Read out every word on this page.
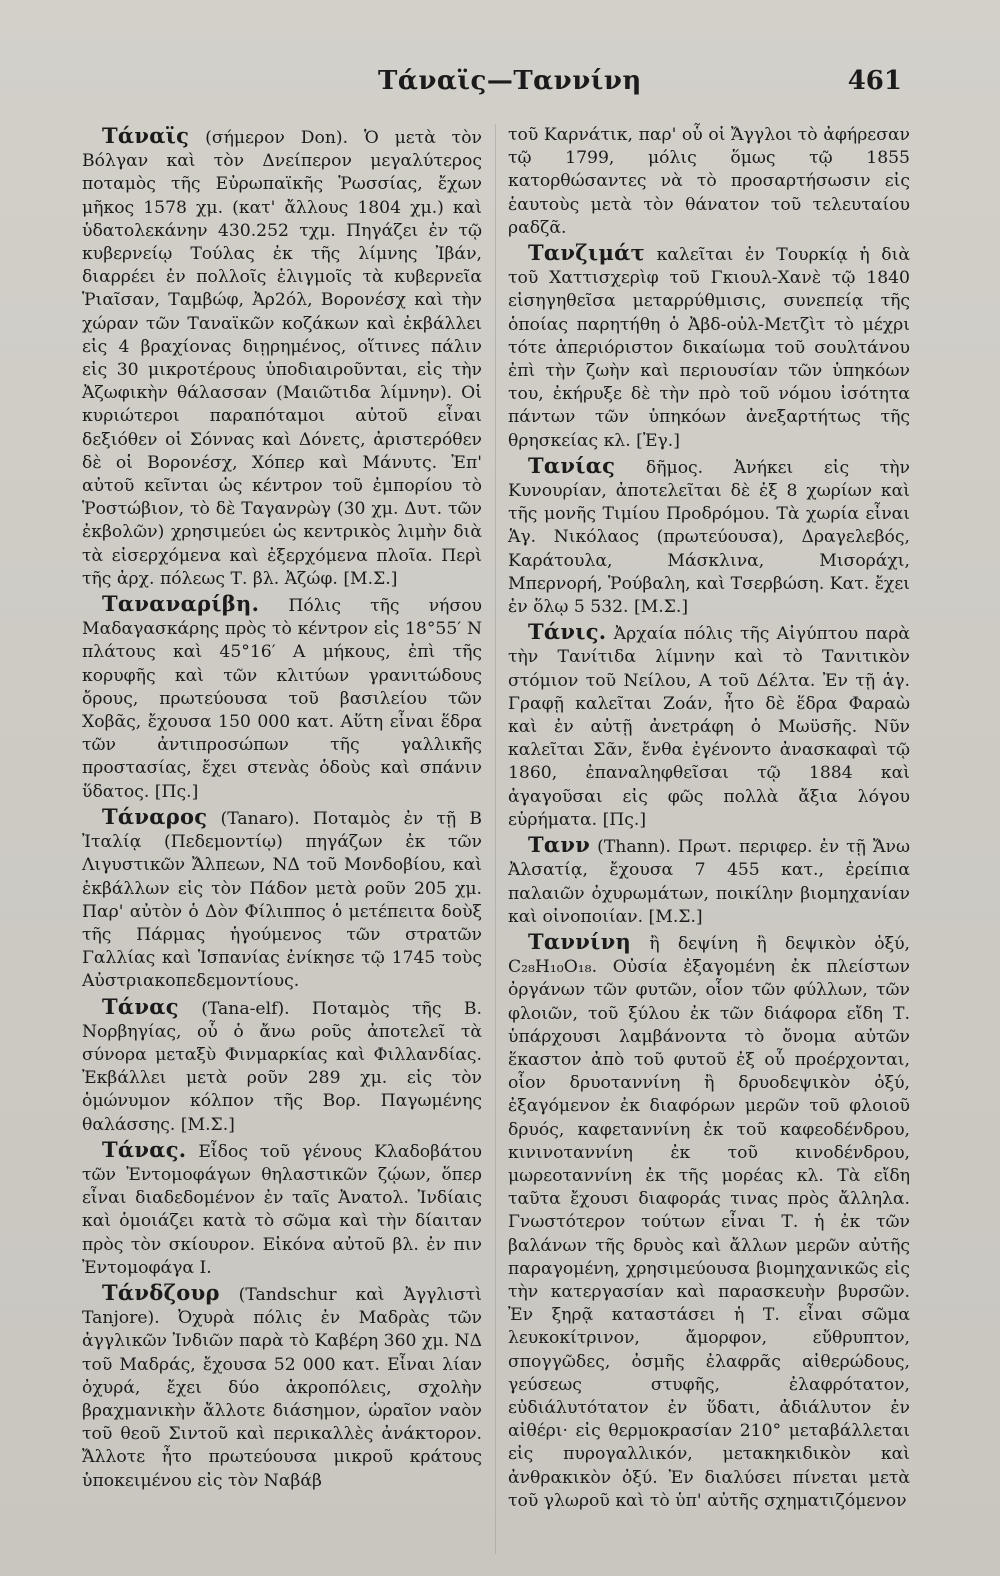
Τάναϊς—Ταννίνη	461

Τάναϊς (σήμερον Don). Ὁ μετὰ τὸν Βόλγαν καὶ τὸν Δνείπερον μεγαλύτερος ποταμὸς τῆς Εὐρωπαϊκῆς Ῥωσσίας, ἔχων μῆκος 1578 χμ. (κατ' ἄλλους 1804 χμ.) καὶ ὑδατολεκάνην 430.252 τχμ. Πηγάζει ἐν τῷ κυβερνείῳ Τούλας ἐκ τῆς λίμνης Ἰβάν, διαρρέει ἐν πολλοῖς ἑλιγμοῖς τὰ κυβερνεῖα Ῥιαῖσαν, Ταμβώφ, Ἀρ2όλ, Βορονέσχ καὶ τὴν χώραν τῶν Ταναϊκῶν κοζάκων καὶ ἐκβάλλει εἰς 4 βραχίονας διῃρημένος, οἵτινες πάλιν εἰς 30 μικροτέρους ὑποδιαιροῦνται, εἰς τὴν Ἀζωφικὴν θάλασσαν (Μαιῶτιδα λίμνην). Οἱ κυριώτεροι παραπόταμοι αὐτοῦ εἶναι δεξιόθεν οἱ Σόννας καὶ Δόνετς, ἀριστερόθεν δὲ οἱ Βορονέσχ, Χόπερ καὶ Μάνυτς. Ἐπ' αὐτοῦ κεῖνται ὡς κέντρον τοῦ ἐμπορίου τὸ Ῥοστώβιον, τὸ δὲ Ταγανρὼγ (30 χμ. Δυτ. τῶν ἐκβολῶν) χρησιμεύει ὡς κεντρικὸς λιμὴν διὰ τὰ εἰσερχόμενα καὶ ἐξερχόμενα πλοῖα. Περὶ τῆς ἀρχ. πόλεως Τ. βλ. Ἀζώφ. [Μ.Σ.]

Ταναναρίβη. Πόλις τῆς νήσου Μαδαγασκάρης πρὸς τὸ κέντρον εἰς 18°55′ Ν πλάτους καὶ 45°16′ Α μήκους, ἐπὶ τῆς κορυφῆς καὶ τῶν κλιτύων γρανιτώδους ὄρους, πρωτεύουσα τοῦ βασιλείου τῶν Χοβᾶς, ἔχουσα 150 000 κατ. Αὕτη εἶναι ἕδρα τῶν ἀντιπροσώπων τῆς γαλλικῆς προστασίας, ἔχει στενὰς ὁδοὺς καὶ σπάνιν ὕδατος. [Πς.]

Τάναρος (Tanaro). Ποταμὸς ἐν τῇ Β Ἰταλίᾳ (Πεδεμοντίῳ) πηγάζων ἐκ τῶν Λιγυστικῶν Ἄλπεων, ΝΔ τοῦ Μονδοβίου, καὶ ἐκβάλλων εἰς τὸν Πάδον μετὰ ροῦν 205 χμ. Παρ' αὐτὸν ὁ Δὸν Φίλιππος ὁ μετέπειτα δοὺξ τῆς Πάρμας ἡγούμενος τῶν στρατῶν Γαλλίας καὶ Ἱσπανίας ἐνίκησε τῷ 1745 τοὺς Αὐστριακοπεδεμοντίους.

Τάνας (Tana-elf). Ποταμὸς τῆς Β. Νορβηγίας, οὗ ὁ ἄνω ροῦς ἀποτελεῖ τὰ σύνορα μεταξὺ Φινμαρκίας καὶ Φιλλανδίας. Ἐκβάλλει μετὰ ροῦν 289 χμ. εἰς τὸν ὁμώνυμον κόλπον τῆς Βορ. Παγωμένης θαλάσσης. [Μ.Σ.]

Τάνας. Εἶδος τοῦ γένους Κλαδοβάτου τῶν Ἐντομοφάγων θηλαστικῶν ζῴων, ὅπερ εἶναι διαδεδομένον ἐν ταῖς Ἀνατολ. Ἰνδίαις καὶ ὁμοιάζει κατὰ τὸ σῶμα καὶ τὴν δίαιταν πρὸς τὸν σκίουρον. Εἰκόνα αὐτοῦ βλ. ἐν πιν Ἐντομοφάγα Ι.

Τάνδζουρ (Tandschur καὶ Ἀγγλιστὶ Tanjore). Ὀχυρὰ πόλις ἐν Μαδρὰς τῶν ἀγγλικῶν Ἰνδιῶν παρὰ τὸ Καβέρη 360 χμ. ΝΔ τοῦ Μαδράς, ἔχουσα 52 000 κατ. Εἶναι λίαν ὀχυρά, ἔχει δύο ἀκροπόλεις, σχολὴν βραχμανικὴν ἄλλοτε διάσημον, ὡραῖον ναὸν τοῦ θεοῦ Σιντοῦ καὶ περικαλλὲς ἀνάκτορον. Ἄλλοτε ἦτο πρωτεύουσα μικροῦ κράτους ὑποκειμένου εἰς τὸν Ναβάβ

τοῦ Καρνάτικ, παρ' οὗ οἱ Ἄγγλοι τὸ ἀφήρεσαν τῷ 1799, μόλις ὅμως τῷ 1855 κατορθώσαντες νὰ τὸ προσαρτήσωσιν εἰς ἑαυτοὺς μετὰ τὸν θάνατον τοῦ τελευταίου ραδζᾶ.

Τανζιμάτ καλεῖται ἐν Τουρκίᾳ ἡ διὰ τοῦ Χαττισχερὶφ τοῦ Γκιουλ-Χανὲ τῷ 1840 εἰσηγηθεῖσα μεταρρύθμισις, συνεπείᾳ τῆς ὁποίας παρητήθη ὁ Ἀβδ-οὐλ-Μετζὶτ τὸ μέχρι τότε ἀπεριόριστον δικαίωμα τοῦ σουλτάνου ἐπὶ τὴν ζωὴν καὶ περιουσίαν τῶν ὑπηκόων του, ἐκήρυξε δὲ τὴν πρὸ τοῦ νόμου ἰσότητα πάντων τῶν ὑπηκόων ἀνεξαρτήτως τῆς θρησκείας κλ. [Ἐγ.]

Τανίας δῆμος. Ἀνήκει εἰς τὴν Κυνουρίαν, ἀποτελεῖται δὲ ἐξ 8 χωρίων καὶ τῆς μονῆς Τιμίου Προδρόμου. Τὰ χωρία εἶναι Ἁγ. Νικόλαος (πρωτεύουσα), Δραγελεβός, Καράτουλα, Μάσκλινα, Μισοράχι, Μπερνορή, Ῥούβαλη, καὶ Τσερβώση. Κατ. ἔχει ἐν ὅλῳ 5 532. [Μ.Σ.]

Τάνις. Ἀρχαία πόλις τῆς Αἰγύπτου παρὰ τὴν Τανίτιδα λίμνην καὶ τὸ Τανιτικὸν στόμιον τοῦ Νείλου, Α τοῦ Δέλτα. Ἐν τῇ ἁγ. Γραφῇ καλεῖται Ζοάν, ἦτο δὲ ἕδρα Φαραὼ καὶ ἐν αὐτῇ ἀνετράφη ὁ Μωϋσῆς. Νῦν καλεῖται Σᾶν, ἔνθα ἐγένοντο ἀνασκαφαὶ τῷ 1860, ἐπαναληφθεῖσαι τῷ 1884 καὶ ἀγαγοῦσαι εἰς φῶς πολλὰ ἄξια λόγου εὑρήματα. [Πς.]

Τανν (Thann). Πρωτ. περιφερ. ἐν τῇ Ἄνω Ἀλσατίᾳ, ἔχουσα 7 455 κατ., ἐρείπια παλαιῶν ὀχυρωμάτων, ποικίλην βιομηχανίαν καὶ οἰνοποιίαν. [Μ.Σ.]

Ταννίνη ἢ δεψίνη ἢ δεψικὸν ὀξύ, C₂₈H₁₀O₁₈. Οὐσία ἐξαγομένη ἐκ πλείστων ὀργάνων τῶν φυτῶν, οἷον τῶν φύλλων, τῶν φλοιῶν, τοῦ ξύλου ἐκ τῶν διάφορα εἴδη Τ. ὑπάρχουσι λαμβάνοντα τὸ ὄνομα αὐτῶν ἕκαστον ἀπὸ τοῦ φυτοῦ ἐξ οὗ προέρχονται, οἷον δρυοταννίνη ἢ δρυοδεψικὸν ὀξύ, ἐξαγόμενον ἐκ διαφόρων μερῶν τοῦ φλοιοῦ δρυός, καφεταννίνη ἐκ τοῦ καφεοδένδρου, κινινοταννίνη ἐκ τοῦ κινοδένδρου, μωρεοταννίνη ἐκ τῆς μορέας κλ. Τὰ εἴδη ταῦτα ἔχουσι διαφοράς τινας πρὸς ἄλληλα. Γνωστότερον τούτων εἶναι Τ. ἡ ἐκ τῶν βαλάνων τῆς δρυὸς καὶ ἄλλων μερῶν αὐτῆς παραγομένη, χρησιμεύουσα βιομηχανικῶς εἰς τὴν κατεργασίαν καὶ παρασκευὴν βυρσῶν. Ἐν ξηρᾷ καταστάσει ἡ Τ. εἶναι σῶμα λευκοκίτρινον, ἄμορφον, εὔθρυπτον, σπογγῶδες, ὀσμῆς ἐλαφρᾶς αἰθερώδους, γεύσεως στυφῆς, ἐλαφρότατον, εὐδιάλυτότατον ἐν ὕδατι, ἀδιάλυτον ἐν αἰθέρι· εἰς θερμοκρασίαν 210° μεταβάλλεται εἰς πυρογαλλικόν, μετακηκιδικὸν καὶ ἀνθρακικὸν ὀξύ. Ἐν διαλύσει πίνεται μετὰ τοῦ γλωροῦ καὶ τὸ ὑπ' αὐτῆς σχηματιζόμενον
